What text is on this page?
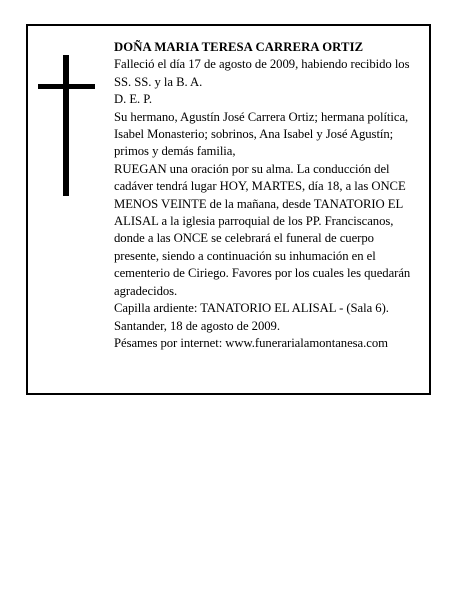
DOÑA MARIA TERESA CARRERA ORTIZ

Falleció el día 17 de agosto de 2009, habiendo recibido los SS. SS. y la B. A.

D. E. P.

Su hermano, Agustín José Carrera Ortiz; hermana política, Isabel Monasterio; sobrinos, Ana Isabel y José Agustín; primos y demás familia,

RUEGAN una oración por su alma. La conducción del cadáver tendrá lugar HOY, MARTES, día 18, a las ONCE MENOS VEINTE de la mañana, desde TANATORIO EL ALISAL a la iglesia parroquial de los PP. Franciscanos, donde a las ONCE se celebrará el funeral de cuerpo presente, siendo a continuación su inhumación en el cementerio de Ciriego. Favores por los cuales les quedarán agradecidos.

Capilla ardiente: TANATORIO EL ALISAL - (Sala 6).

Santander, 18 de agosto de 2009.

Pésames por internet: www.funerarialamontanesa.com
